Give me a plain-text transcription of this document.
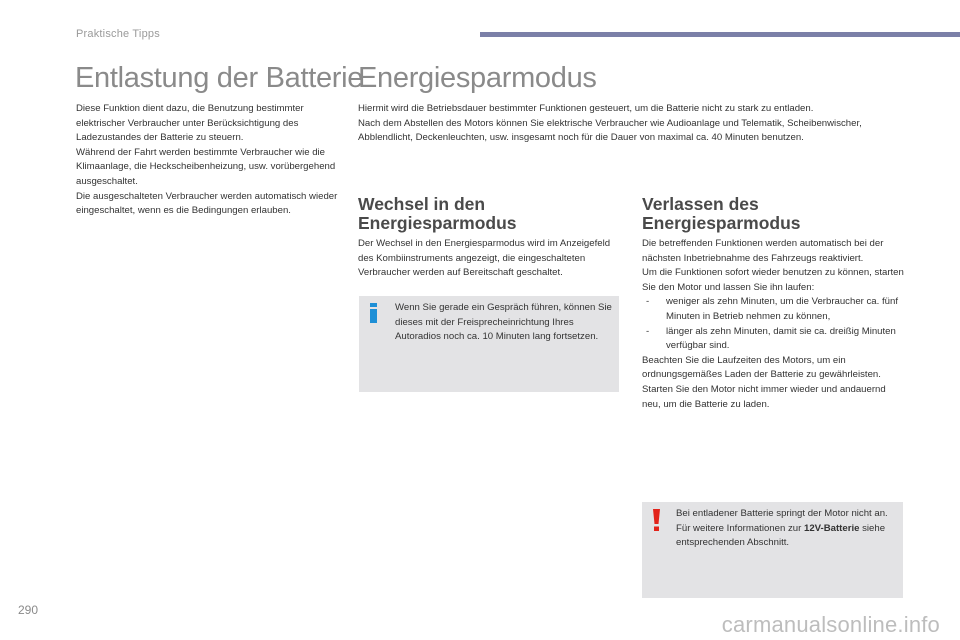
Praktische Tipps
Entlastung der Batterie

Diese Funktion dient dazu, die Benutzung bestimmter elektrischer Verbraucher unter Berücksichtigung des Ladezustandes der Batterie zu steuern.

Während der Fahrt werden bestimmte Verbraucher wie die Klimaanlage, die Heckscheibenheizung, usw. vorübergehend ausgeschaltet.

Die ausgeschalteten Verbraucher werden automatisch wieder eingeschaltet, wenn es die Bedingungen erlauben.

Energiesparmodus

Hiermit wird die Betriebsdauer bestimmter Funktionen gesteuert, um die Batterie nicht zu stark zu entladen.

Nach dem Abstellen des Motors können Sie elektrische Verbraucher wie Audioanlage und Telematik, Scheibenwischer, Abblendlicht, Deckenleuchten, usw. insgesamt noch für die Dauer von maximal ca. 40 Minuten benutzen.

Wechsel in den
Energiesparmodus

Der Wechsel in den Energiesparmodus wird im Anzeigefeld des Kombiinstruments angezeigt, die eingeschalteten Verbraucher werden auf Bereitschaft geschaltet.

Wenn Sie gerade ein Gespräch führen, können Sie dieses mit der Freisprecheinrichtung Ihres Autoradios noch ca. 10 Minuten lang fortsetzen.

Verlassen des
Energiesparmodus

Die betreffenden Funktionen werden automatisch bei der nächsten Inbetriebnahme des Fahrzeugs reaktiviert.

Um die Funktionen sofort wieder benutzen zu können, starten Sie den Motor und lassen Sie ihn laufen:

- weniger als zehn Minuten, um die Verbraucher ca. fünf Minuten in Betrieb nehmen zu können,
- länger als zehn Minuten, damit sie ca. dreißig Minuten verfügbar sind.

Beachten Sie die Laufzeiten des Motors, um ein ordnungsgemäßes Laden der Batterie zu gewährleisten.

Starten Sie den Motor nicht immer wieder und andauernd neu, um die Batterie zu laden.

Bei entladener Batterie springt der Motor nicht an.

Für weitere Informationen zur 12V-Batterie siehe entsprechenden Abschnitt.

290
carmanualsonline.info
